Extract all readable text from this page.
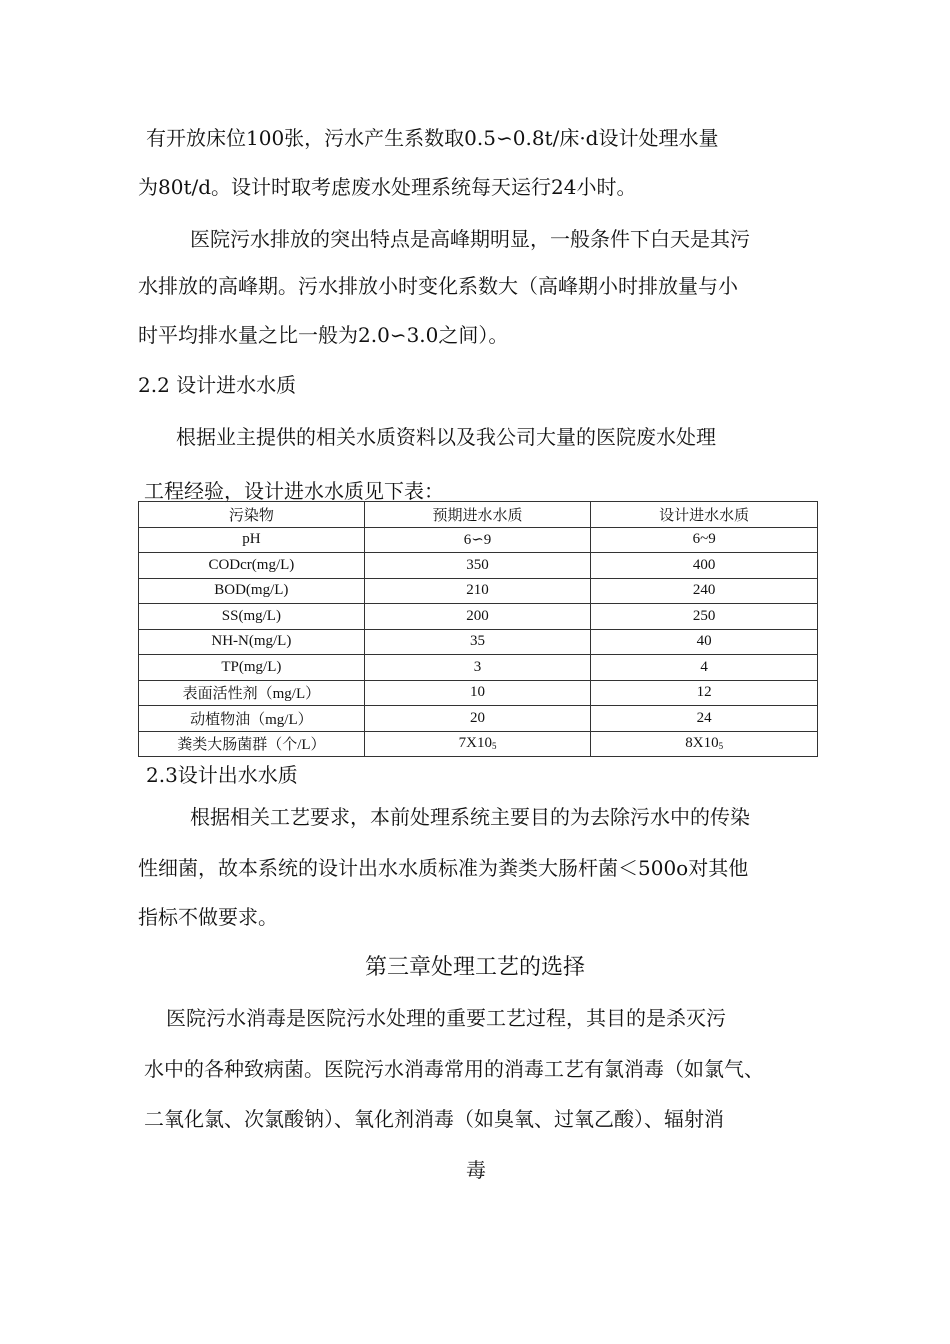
有开放床位100张，污水产生系数取0.5∽0.8t/床·d设计处理水量
为80t/d。设计时取考虑废水处理系统每天运行24小时。
医院污水排放的突出特点是高峰期明显，一般条件下白天是其污
水排放的高峰期。污水排放小时变化系数大（高峰期小时排放量与小
时平均排水量之比一般为2.0∽3.0之间）。
2.2 设计进水水质
根据业主提供的相关水质资料以及我公司大量的医院废水处理
工程经验，设计进水水质见下表：
污染物	预期进水水质	设计进水水质
pH	6∽9	6~9
CODcr(mg/L)	350	400
BOD(mg/L)	210	240
SS(mg/L)	200	250
NH-N(mg/L)	35	40
TP(mg/L)	3	4
表面活性剂（mg/L）	10	12
动植物油（mg/L）	20	24
粪类大肠菌群（个/L）	$7X10_5$	$8X10_5$
2.3设计出水水质
根据相关工艺要求，本前处理系统主要目的为去除污水中的传染
性细菌，故本系统的设计出水水质标准为粪类大肠杆菌＜500o对其他
指标不做要求。
第三章处理工艺的选择
医院污水消毒是医院污水处理的重要工艺过程，其目的是杀灭污
水中的各种致病菌。医院污水消毒常用的消毒工艺有氯消毒（如氯气、
二氧化氯、次氯酸钠）、氧化剂消毒（如臭氧、过氧乙酸）、辐射消
毒
